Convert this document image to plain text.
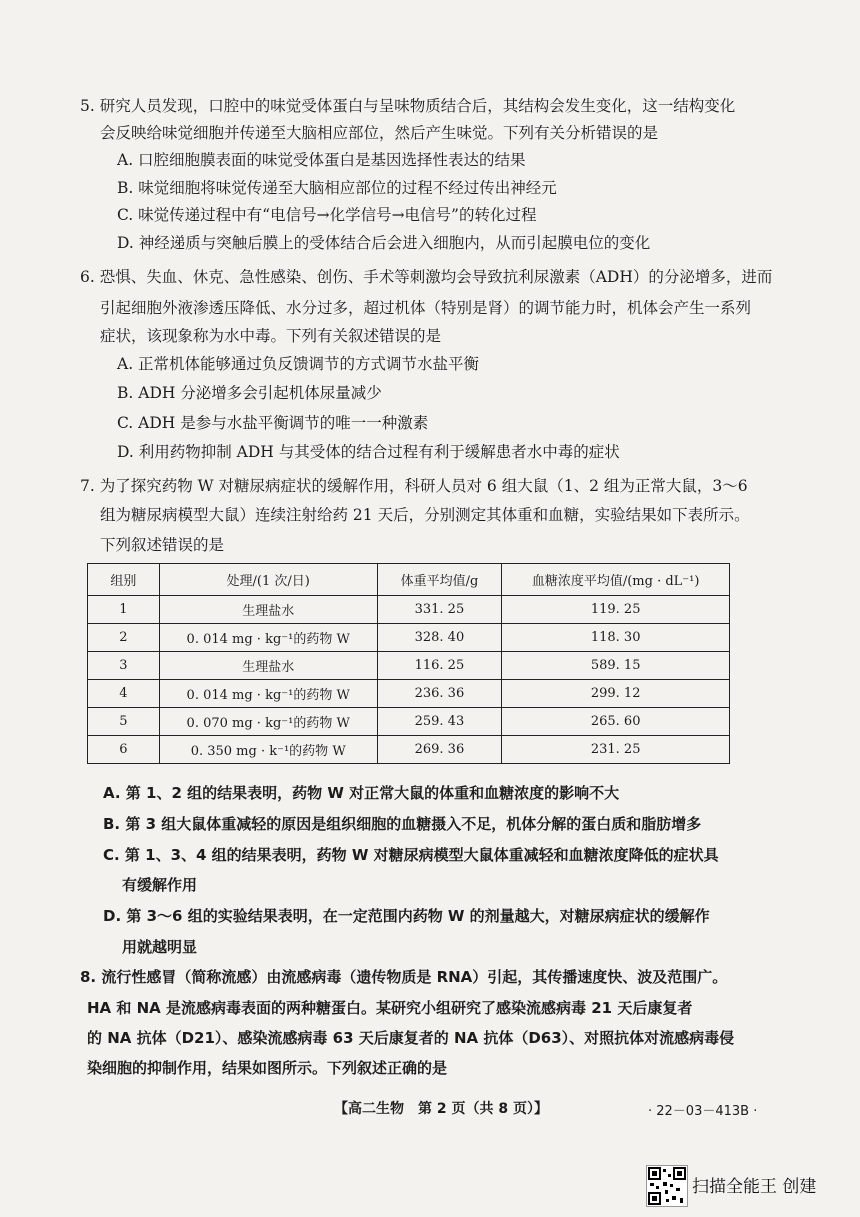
5. 研究人员发现，口腔中的味觉受体蛋白与呈味物质结合后，其结构会发生变化，这一结构变化
会反映给味觉细胞并传递至大脑相应部位，然后产生味觉。下列有关分析错误的是
A. 口腔细胞膜表面的味觉受体蛋白是基因选择性表达的结果
B. 味觉细胞将味觉传递至大脑相应部位的过程不经过传出神经元
C. 味觉传递过程中有“电信号→化学信号→电信号”的转化过程
D. 神经递质与突触后膜上的受体结合后会进入细胞内，从而引起膜电位的变化
6. 恐惧、失血、休克、急性感染、创伤、手术等刺激均会导致抗利尿激素（ADH）的分泌增多，进而
引起细胞外液渗透压降低、水分过多，超过机体（特别是肾）的调节能力时，机体会产生一系列
症状，该现象称为水中毒。下列有关叙述错误的是
A. 正常机体能够通过负反馈调节的方式调节水盐平衡
B. ADH 分泌增多会引起机体尿量减少
C. ADH 是参与水盐平衡调节的唯一一种激素
D. 利用药物抑制 ADH 与其受体的结合过程有利于缓解患者水中毒的症状
7. 为了探究药物 W 对糖尿病症状的缓解作用，科研人员对 6 组大鼠（1、2 组为正常大鼠，3～6
组为糖尿病模型大鼠）连续注射给药 21 天后，分别测定其体重和血糖，实验结果如下表所示。
下列叙述错误的是
组别	处理/(1 次/日)	体重平均值/g	血糖浓度平均值/(mg · dL⁻¹)
1	生理盐水	331. 25	119. 25
2	0. 014 mg · kg⁻¹的药物 W	328. 40	118. 30
3	生理盐水	116. 25	589. 15
4	0. 014 mg · kg⁻¹的药物 W	236. 36	299. 12
5	0. 070 mg · kg⁻¹的药物 W	259. 43	265. 60
6	0. 350 mg · k⁻¹的药物 W	269. 36	231. 25
A. 第 1、2 组的结果表明，药物 W 对正常大鼠的体重和血糖浓度的影响不大
B. 第 3 组大鼠体重减轻的原因是组织细胞的血糖摄入不足，机体分解的蛋白质和脂肪增多
C. 第 1、3、4 组的结果表明，药物 W 对糖尿病模型大鼠体重减轻和血糖浓度降低的症状具
有缓解作用
D. 第 3～6 组的实验结果表明，在一定范围内药物 W 的剂量越大，对糖尿病症状的缓解作
用就越明显
8. 流行性感冒（简称流感）由流感病毒（遗传物质是 RNA）引起，其传播速度快、波及范围广。
HA 和 NA 是流感病毒表面的两种糖蛋白。某研究小组研究了感染流感病毒 21 天后康复者
的 NA 抗体（D21）、感染流感病毒 63 天后康复者的 NA 抗体（D63）、对照抗体对流感病毒侵
染细胞的抑制作用，结果如图所示。下列叙述正确的是
【高二生物　第 2 页（共 8 页）】	· 22－03－413B ·
扫描全能王 创建
